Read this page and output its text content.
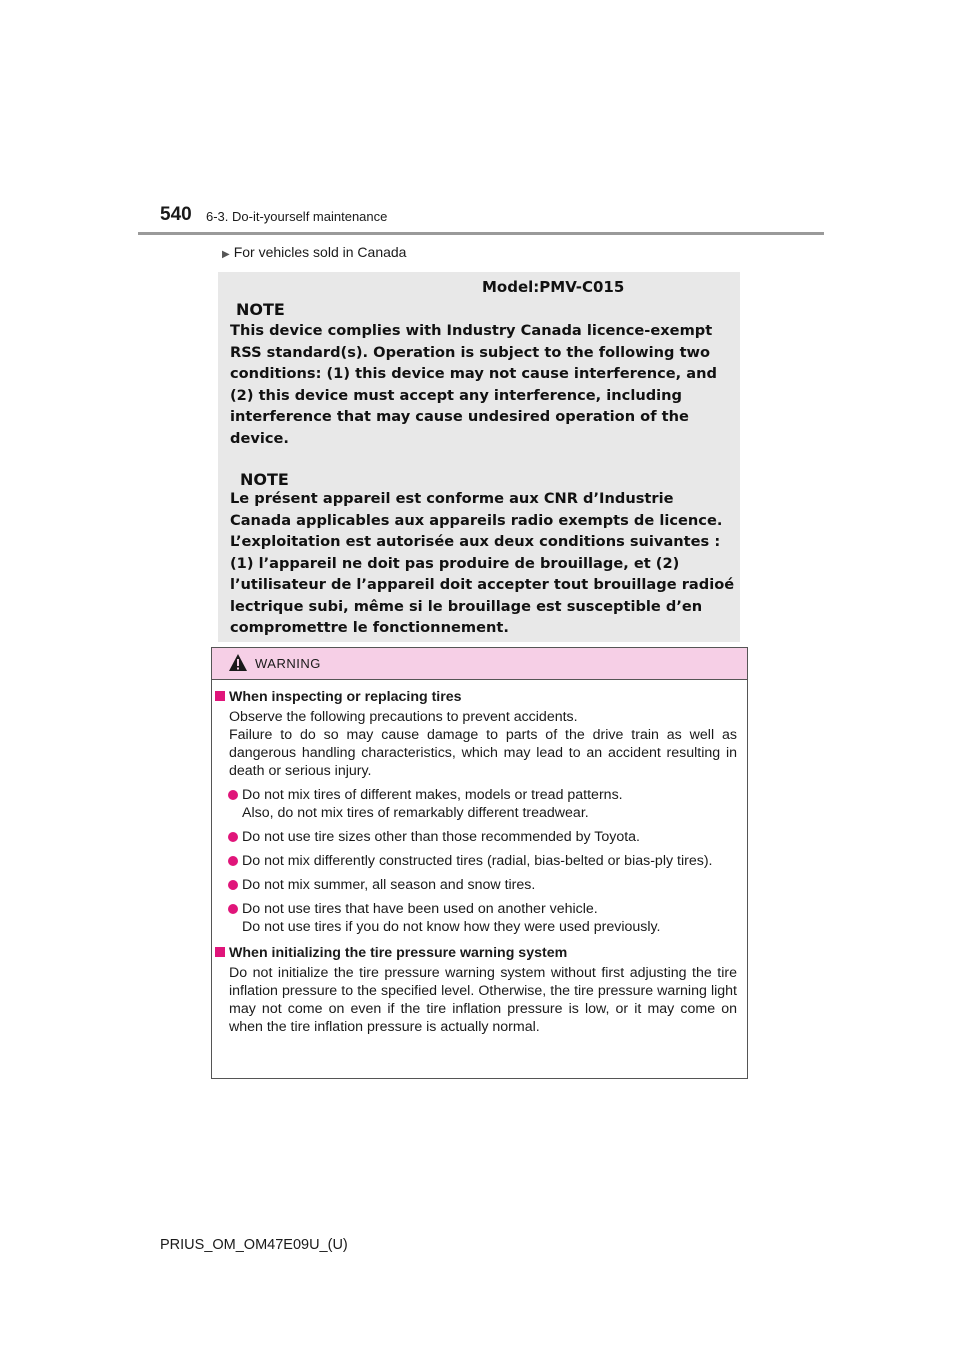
540 6-3. Do-it-yourself maintenance
▶ For vehicles sold in Canada
Model:PMV-C015
NOTE
This device complies with Industry Canada licence-exempt
RSS standard(s). Operation is subject to the following two
conditions: (1) this device may not cause interference, and
(2) this device must accept any interference, including
interference that may cause undesired operation of the
device.
NOTE
Le présent appareil est conforme aux CNR d’Industrie
Canada applicables aux appareils radio exempts de licence.
L’exploitation est autorisée aux deux conditions suivantes :
(1) l’appareil ne doit pas produire de brouillage, et (2)
l’utilisateur de l’appareil doit accepter tout brouillage radioé
lectrique subi, même si le brouillage est susceptible d’en
compromettre le fonctionnement.
WARNING
When inspecting or replacing tires
Observe the following precautions to prevent accidents.
Failure to do so may cause damage to parts of the drive train as well as dangerous handling characteristics, which may lead to an accident resulting in death or serious injury.
Do not mix tires of different makes, models or tread patterns.
Also, do not mix tires of remarkably different treadwear.
Do not use tire sizes other than those recommended by Toyota.
Do not mix differently constructed tires (radial, bias-belted or bias-ply tires).
Do not mix summer, all season and snow tires.
Do not use tires that have been used on another vehicle.
Do not use tires if you do not know how they were used previously.
When initializing the tire pressure warning system
Do not initialize the tire pressure warning system without first adjusting the tire inflation pressure to the specified level. Otherwise, the tire pressure warning light may not come on even if the tire inflation pressure is low, or it may come on when the tire inflation pressure is actually normal.
PRIUS_OM_OM47E09U_(U)
